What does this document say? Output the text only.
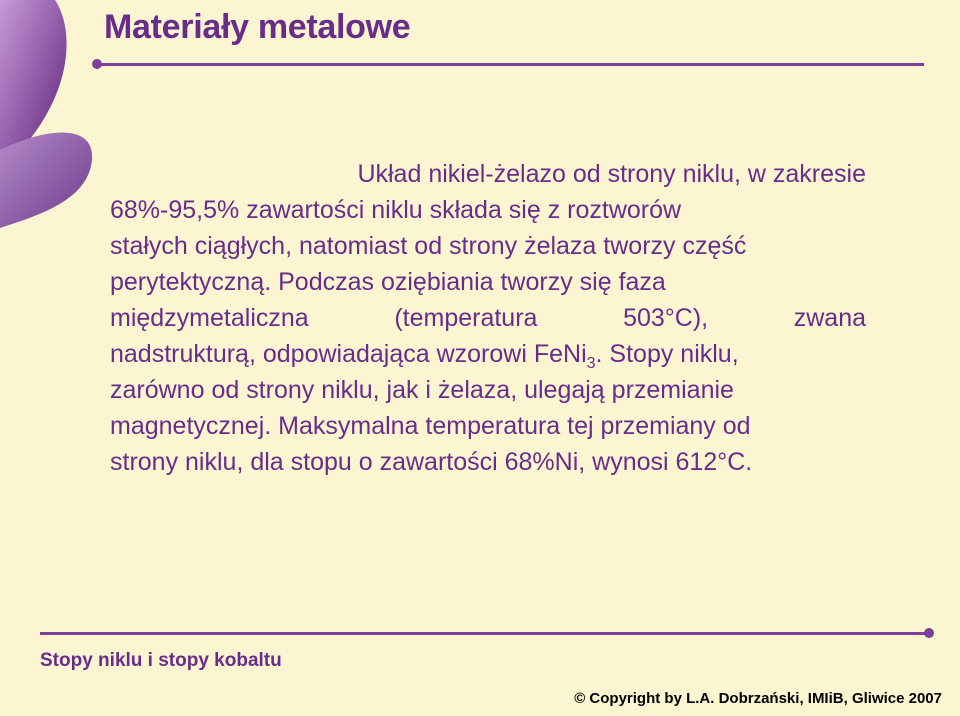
Materiały metalowe
Układ nikiel-żelazo od strony niklu, w zakresie
68%-95,5% zawartości niklu składa się z roztworów
stałych ciągłych, natomiast od strony żelaza tworzy część
perytektyczną. Podczas oziębiania tworzy się faza
międzymetaliczna	(temperatura	503°C),	zwana
nadstrukturą, odpowiadająca wzorowi FeNi$_3$. Stopy niklu,
zarówno od strony niklu, jak i żelaza, ulegają przemianie
magnetycznej. Maksymalna temperatura tej przemiany od
strony niklu, dla stopu o zawartości 68%Ni, wynosi 612°C.
Stopy niklu i stopy kobaltu
© Copyright by L.A. Dobrzański, IMIiB, Gliwice 2007
